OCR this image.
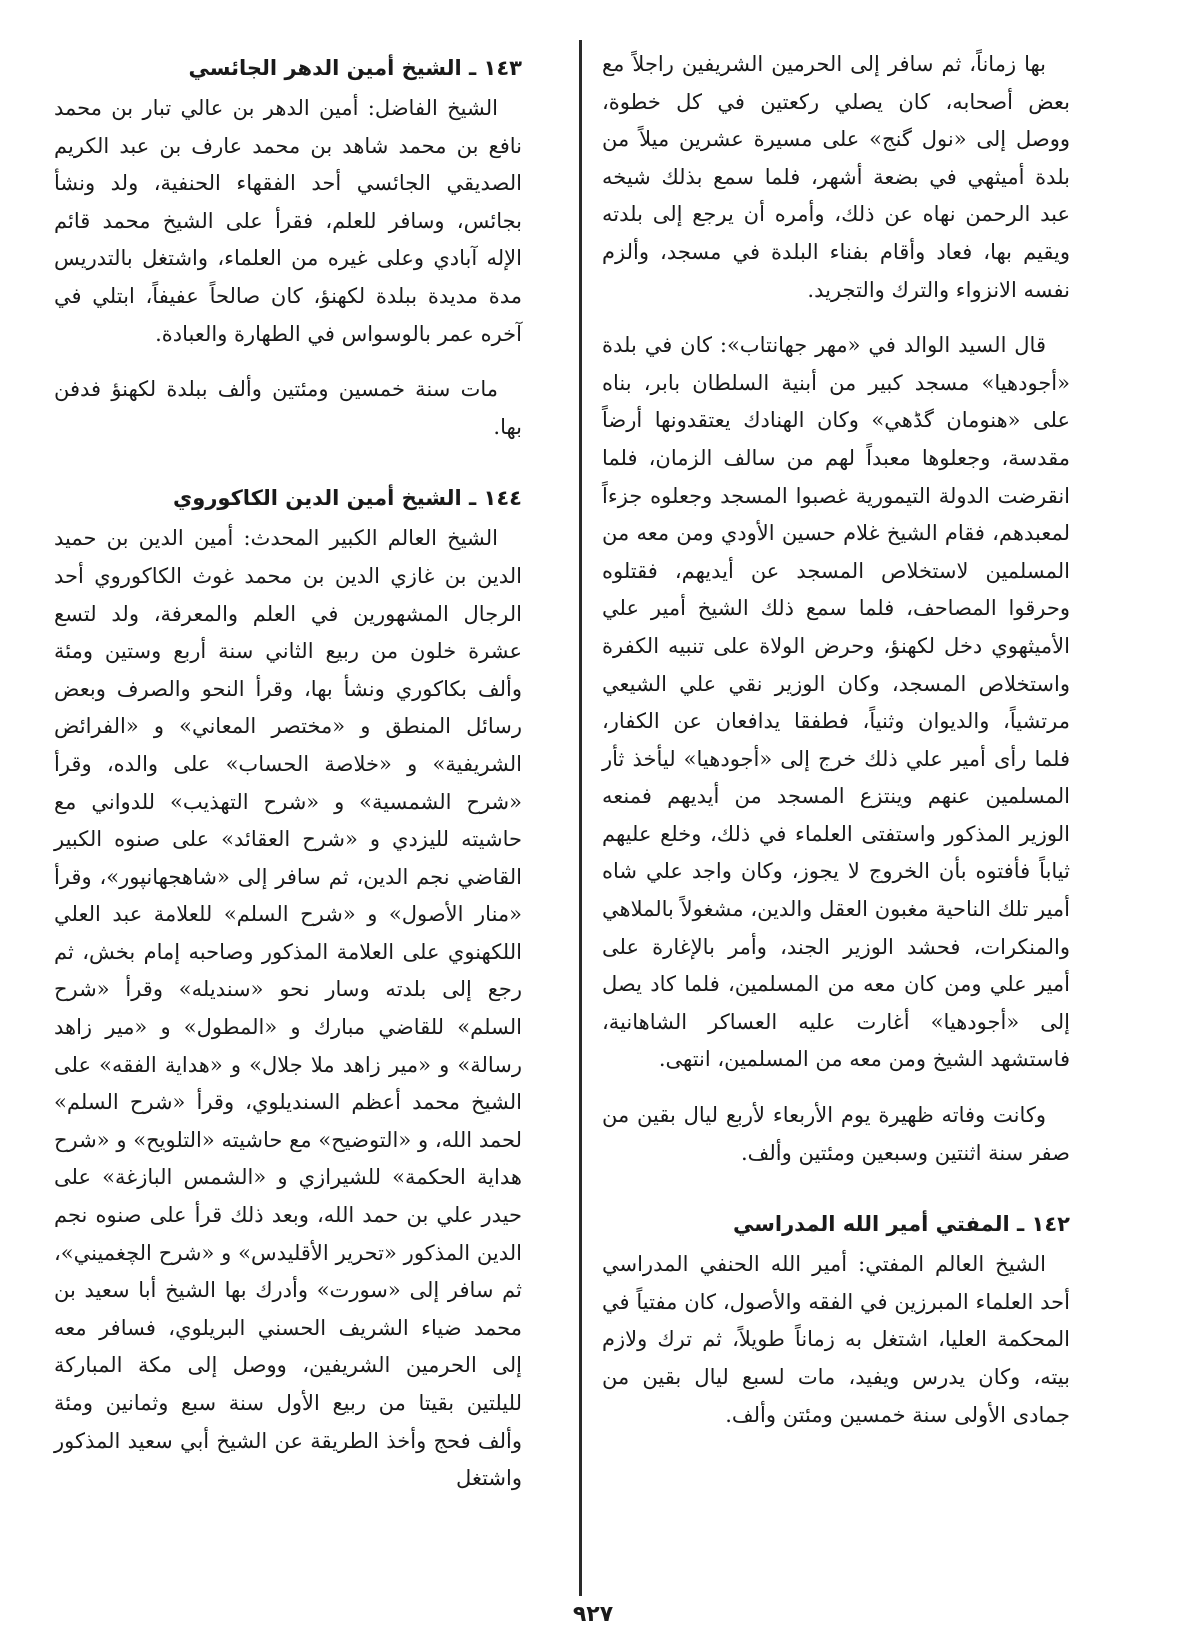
بها زماناً، ثم سافر إلى الحرمين الشريفين راجلاً مع بعض أصحابه، كان يصلي ركعتين في كل خطوة، ووصل إلى «نول گنج» على مسيرة عشرين ميلاً من بلدة أميثهي في بضعة أشهر، فلما سمع بذلك شيخه عبد الرحمن نهاه عن ذلك، وأمره أن يرجع إلى بلدته ويقيم بها، فعاد وأقام بفناء البلدة في مسجد، وألزم نفسه الانزواء والترك والتجريد.

قال السيد الوالد في «مهر جهانتاب»: كان في بلدة «أجودهيا» مسجد كبير من أبنية السلطان بابر، بناه على «هنومان گڈهي» وكان الهنادك يعتقدونها أرضاً مقدسة، وجعلوها معبداً لهم من سالف الزمان، فلما انقرضت الدولة التيمورية غصبوا المسجد وجعلوه جزءاً لمعبدهم، فقام الشيخ غلام حسين الأودي ومن معه من المسلمين لاستخلاص المسجد عن أيديهم، فقتلوه وحرقوا المصاحف، فلما سمع ذلك الشيخ أمير علي الأميثهوي دخل لكهنؤ، وحرض الولاة على تنبيه الكفرة واستخلاص المسجد، وكان الوزير نقي علي الشيعي مرتشياً، والديوان وثنياً، فطفقا يدافعان عن الكفار، فلما رأى أمير علي ذلك خرج إلى «أجودهيا» ليأخذ ثأر المسلمين عنهم وينتزع المسجد من أيديهم فمنعه الوزير المذكور واستفتى العلماء في ذلك، وخلع عليهم ثياباً فأفتوه بأن الخروج لا يجوز، وكان واجد علي شاه أمير تلك الناحية مغبون العقل والدين، مشغولاً بالملاهي والمنكرات، فحشد الوزير الجند، وأمر بالإغارة على أمير علي ومن كان معه من المسلمين، فلما كاد يصل إلى «أجودهيا» أغارت عليه العساكر الشاهانية، فاستشهد الشيخ ومن معه من المسلمين، انتهى.

وكانت وفاته ظهيرة يوم الأربعاء لأربع ليال بقين من صفر سنة اثنتين وسبعين ومئتين وألف.

١٤٢ ـ المفتي أمير الله المدراسي

الشيخ العالم المفتي: أمير الله الحنفي المدراسي أحد العلماء المبرزين في الفقه والأصول، كان مفتياً في المحكمة العليا، اشتغل به زماناً طويلاً، ثم ترك ولازم بيته، وكان يدرس ويفيد، مات لسبع ليال بقين من جمادى الأولى سنة خمسين ومئتن وألف.

١٤٣ ـ الشيخ أمين الدهر الجائسي

الشيخ الفاضل: أمين الدهر بن عالي تبار بن محمد نافع بن محمد شاهد بن محمد عارف بن عبد الكريم الصديقي الجائسي أحد الفقهاء الحنفية، ولد ونشأ بجائس، وسافر للعلم، فقرأ على الشيخ محمد قائم الإله آبادي وعلى غيره من العلماء، واشتغل بالتدريس مدة مديدة ببلدة لكهنؤ، كان صالحاً عفيفاً، ابتلي في آخره عمر بالوسواس في الطهارة والعبادة.

مات سنة خمسين ومئتين وألف ببلدة لكهنؤ فدفن بها.

١٤٤ ـ الشيخ أمين الدين الكاكوروي

الشيخ العالم الكبير المحدث: أمين الدين بن حميد الدين بن غازي الدين بن محمد غوث الكاكوروي أحد الرجال المشهورين في العلم والمعرفة، ولد لتسع عشرة خلون من ربيع الثاني سنة أربع وستين ومئة وألف بكاكوري ونشأ بها، وقرأ النحو والصرف وبعض رسائل المنطق و «مختصر المعاني» و «الفرائض الشريفية» و «خلاصة الحساب» على والده، وقرأ «شرح الشمسية» و «شرح التهذيب» للدواني مع حاشيته لليزدي و «شرح العقائد» على صنوه الكبير القاضي نجم الدين، ثم سافر إلى «شاهجهانپور»، وقرأ «منار الأصول» و «شرح السلم» للعلامة عبد العلي اللكهنوي على العلامة المذكور وصاحبه إمام بخش، ثم رجع إلى بلدته وسار نحو «سنديله» وقرأ «شرح السلم» للقاضي مبارك و «المطول» و «مير زاهد رسالة» و «مير زاهد ملا جلال» و «هداية الفقه» على الشيخ محمد أعظم السنديلوي، وقرأ «شرح السلم» لحمد الله، و «التوضيح» مع حاشيته «التلويح» و «شرح هداية الحكمة» للشيرازي و «الشمس البازغة» على حيدر علي بن حمد الله، وبعد ذلك قرأ على صنوه نجم الدين المذكور «تحرير الأقليدس» و «شرح الچغميني»، ثم سافر إلى «سورت» وأدرك بها الشيخ أبا سعيد بن محمد ضياء الشريف الحسني البريلوي، فسافر معه إلى الحرمين الشريفين، ووصل إلى مكة المباركة لليلتين بقيتا من ربيع الأول سنة سبع وثمانين ومئة وألف فحج وأخذ الطريقة عن الشيخ أبي سعيد المذكور واشتغل

٩٢٧
